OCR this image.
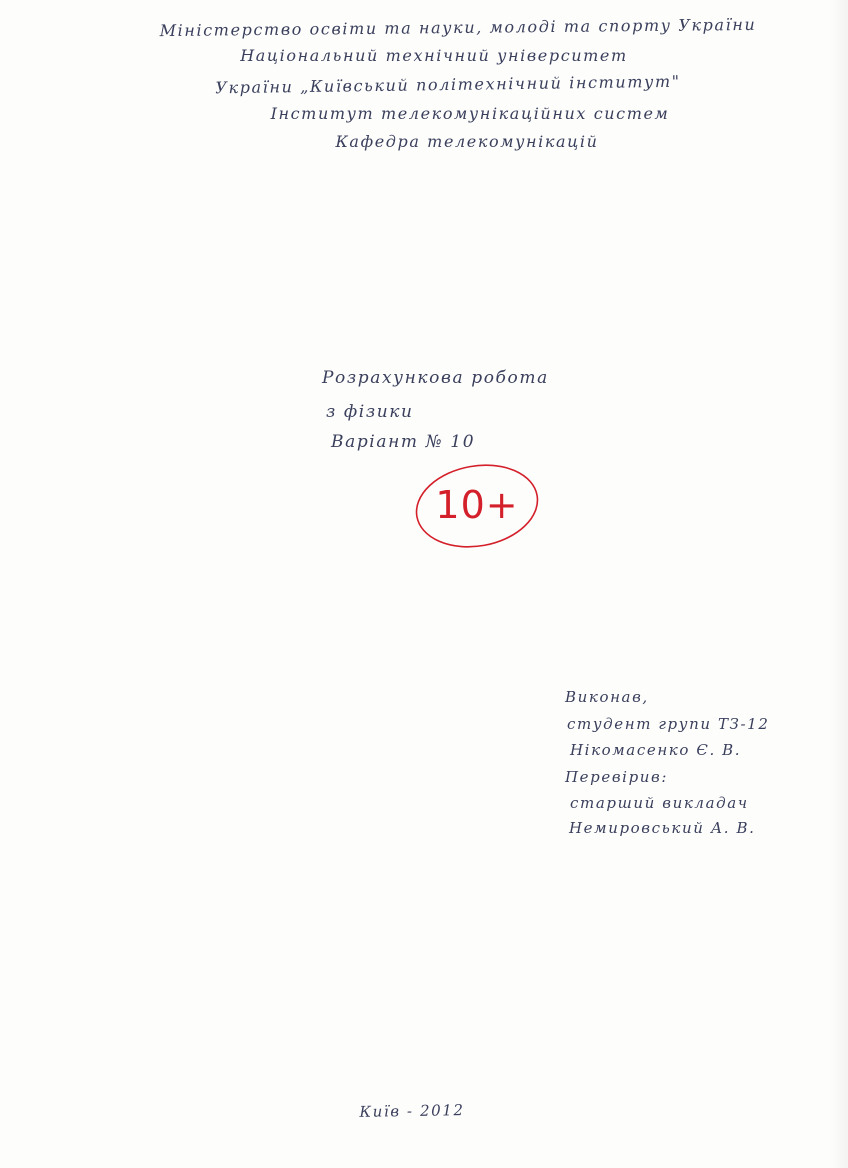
Міністерство освіти та науки, молоді та спорту України
Національний технічний університет
України „Київський політехнічний інститут"
Інститут телекомунікаційних систем
Кафедра телекомунікацій
Розрахункова робота
з фізики
Варіант № 10
10+
Виконав,
студент групи ТЗ-12
Нікомасенко Є. В.
Перевірив:
старший викладач
Немировський А. В.
Київ - 2012
